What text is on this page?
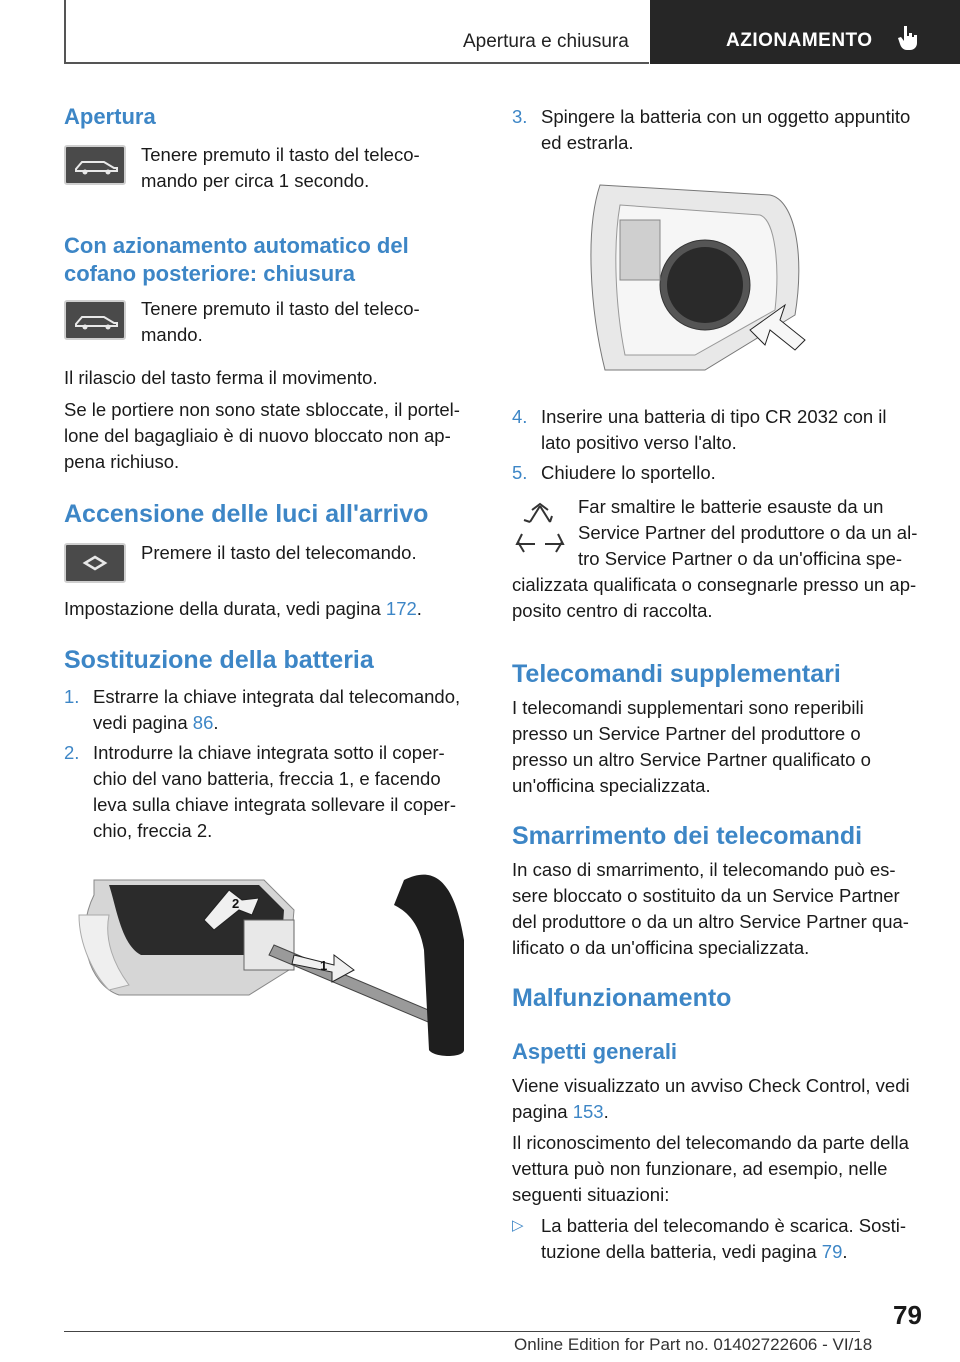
Apertura e chiusura	AZIONAMENTO
Apertura
Tenere premuto il tasto del teleco-
mando per circa 1 secondo.
Con azionamento automatico del
cofano posteriore: chiusura
Tenere premuto il tasto del teleco-
mando.
Il rilascio del tasto ferma il movimento.
Se le portiere non sono state sbloccate, il portel-
lone del bagagliaio è di nuovo bloccato non ap-
pena richiuso.
Accensione delle luci all'arrivo
Premere il tasto del telecomando.
Impostazione della durata, vedi pagina 172.
Sostituzione della batteria
1. Estrarre la chiave integrata dal telecomando,
vedi pagina 86.
2. Introdurre la chiave integrata sotto il coper-
chio del vano batteria, freccia 1, e facendo
leva sulla chiave integrata sollevare il coper-
chio, freccia 2.
1
2
3. Spingere la batteria con un oggetto appuntito
ed estrarla.
4. Inserire una batteria di tipo CR 2032 con il
lato positivo verso l'alto.
5. Chiudere lo sportello.
Far smaltire le batterie esauste da un
Service Partner del produttore o da un al-
tro Service Partner o da un'officina spe-
cializzata qualificata o consegnarle presso un ap-
posito centro di raccolta.
Telecomandi supplementari
I telecomandi supplementari sono reperibili
presso un Service Partner del produttore o
presso un altro Service Partner qualificato o
un'officina specializzata.
Smarrimento dei telecomandi
In caso di smarrimento, il telecomando può es-
sere bloccato o sostituito da un Service Partner
del produttore o da un altro Service Partner qua-
lificato o da un'officina specializzata.
Malfunzionamento
Aspetti generali
Viene visualizzato un avviso Check Control, vedi
pagina 153.
Il riconoscimento del telecomando da parte della
vettura può non funzionare, ad esempio, nelle
seguenti situazioni:
▷ La batteria del telecomando è scarica. Sosti-
tuzione della batteria, vedi pagina 79.
79
Online Edition for Part no. 01402722606 - VI/18
